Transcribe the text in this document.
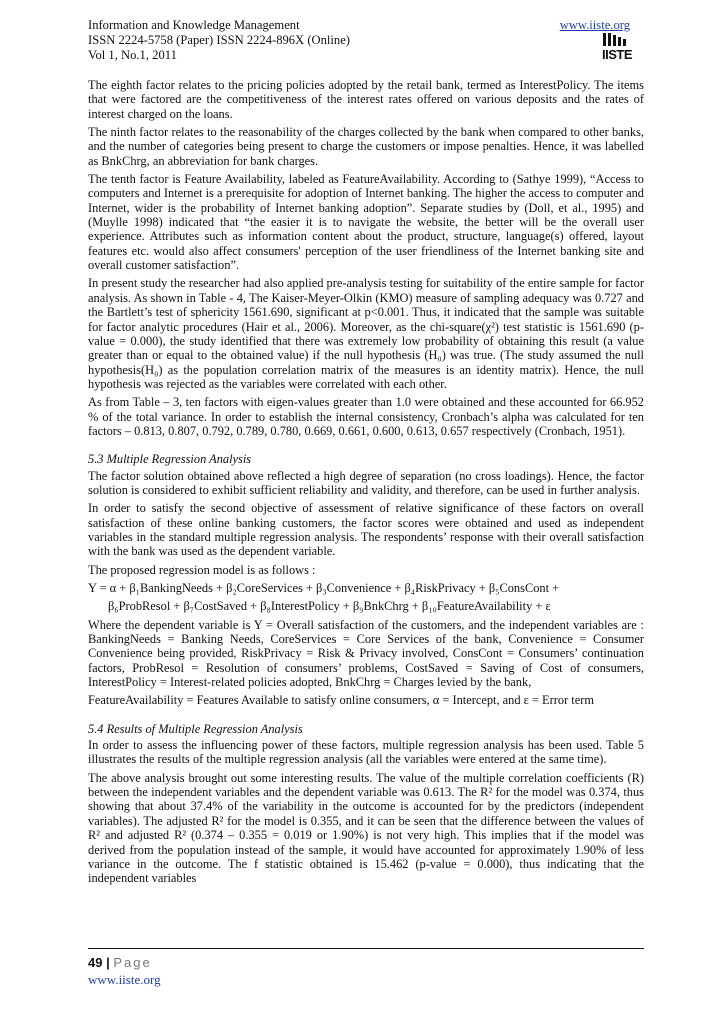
Information and Knowledge Management	www.iiste.org
ISSN 2224-5758 (Paper) ISSN 2224-896X (Online)
Vol 1, No.1, 2011	IISTE

The eighth factor relates to the pricing policies adopted by the retail bank, termed as InterestPolicy. The items that were factored are the competitiveness of the interest rates offered on various deposits and the rates of interest charged on the loans.

The ninth factor relates to the reasonability of the charges collected by the bank when compared to other banks, and the number of categories being present to charge the customers or impose penalties. Hence, it was labelled as BnkChrg, an abbreviation for bank charges.

The tenth factor is Feature Availability, labeled as FeatureAvailability. According to (Sathye 1999), “Access to computers and Internet is a prerequisite for adoption of Internet banking. The higher the access to computer and Internet, wider is the probability of Internet banking adoption”. Separate studies by (Doll, et al., 1995) and (Muylle 1998) indicated that “the easier it is to navigate the website, the better will be the overall user experience. Attributes such as information content about the product, structure, language(s) offered, layout features etc. would also affect consumers' perception of the user friendliness of the Internet banking site and overall customer satisfaction”.

In present study the researcher had also applied pre-analysis testing for suitability of the entire sample for factor analysis. As shown in Table - 4, The Kaiser-Meyer-Olkin (KMO) measure of sampling adequacy was 0.727 and the Bartlett’s test of sphericity 1561.690, significant at p<0.001. Thus, it indicated that the sample was suitable for factor analytic procedures (Hair et al., 2006). Moreover, as the chi-square(χ²) test statistic is 1561.690 (p-value = 0.000), the study identified that there was extremely low probability of obtaining this result (a value greater than or equal to the obtained value) if the null hypothesis (H₀) was true. (The study assumed the null hypothesis(H₀) as the population correlation matrix of the measures is an identity matrix). Hence, the null hypothesis was rejected as the variables were correlated with each other.

As from Table – 3, ten factors with eigen-values greater than 1.0 were obtained and these accounted for 66.952 % of the total variance. In order to establish the internal consistency, Cronbach’s alpha was calculated for ten factors – 0.813, 0.807, 0.792, 0.789, 0.780, 0.669, 0.661, 0.600, 0.613, 0.657 respectively (Cronbach, 1951).

5.3 Multiple Regression Analysis

The factor solution obtained above reflected a high degree of separation (no cross loadings). Hence, the factor solution is considered to exhibit sufficient reliability and validity, and therefore, can be used in further analysis.

In order to satisfy the second objective of assessment of relative significance of these factors on overall satisfaction of these online banking customers, the factor scores were obtained and used as independent variables in the standard multiple regression analysis. The respondents’ response with their overall satisfaction with the bank was used as the dependent variable.

The proposed regression model is as follows :

Y = α + β₁BankingNeeds + β₂CoreServices + β₃Convenience + β₄RiskPrivacy + β₅ConsCont +

β₆ProbResol + β₇CostSaved + β₈InterestPolicy + β₉BnkChrg + β₁₀FeatureAvailability + ε

Where the dependent variable is Y = Overall satisfaction of the customers, and the independent variables are : BankingNeeds = Banking Needs, CoreServices = Core Services of the bank, Convenience = Consumer Convenience being provided, RiskPrivacy = Risk & Privacy involved, ConsCont = Consumers’ continuation factors, ProbResol = Resolution of consumers’ problems, CostSaved = Saving of Cost of consumers, InterestPolicy = Interest-related policies adopted, BnkChrg = Charges levied by the bank,

FeatureAvailability = Features Available to satisfy online consumers, α = Intercept, and ε = Error term

5.4 Results of Multiple Regression Analysis

In order to assess the influencing power of these factors, multiple regression analysis has been used. Table 5 illustrates the results of the multiple regression analysis (all the variables were entered at the same time).

The above analysis brought out some interesting results. The value of the multiple correlation coefficients (R) between the independent variables and the dependent variable was 0.613. The R² for the model was 0.374, thus showing that about 37.4% of the variability in the outcome is accounted for by the predictors (independent variables). The adjusted R² for the model is 0.355, and it can be seen that the difference between the values of R² and adjusted R² (0.374 – 0.355 = 0.019 or 1.90%) is not very high. This implies that if the model was derived from the population instead of the sample, it would have accounted for approximately 1.90% of less variance in the outcome. The f statistic obtained is 15.462 (p-value = 0.000), thus indicating that the independent variables

49 | Page
www.iiste.org
